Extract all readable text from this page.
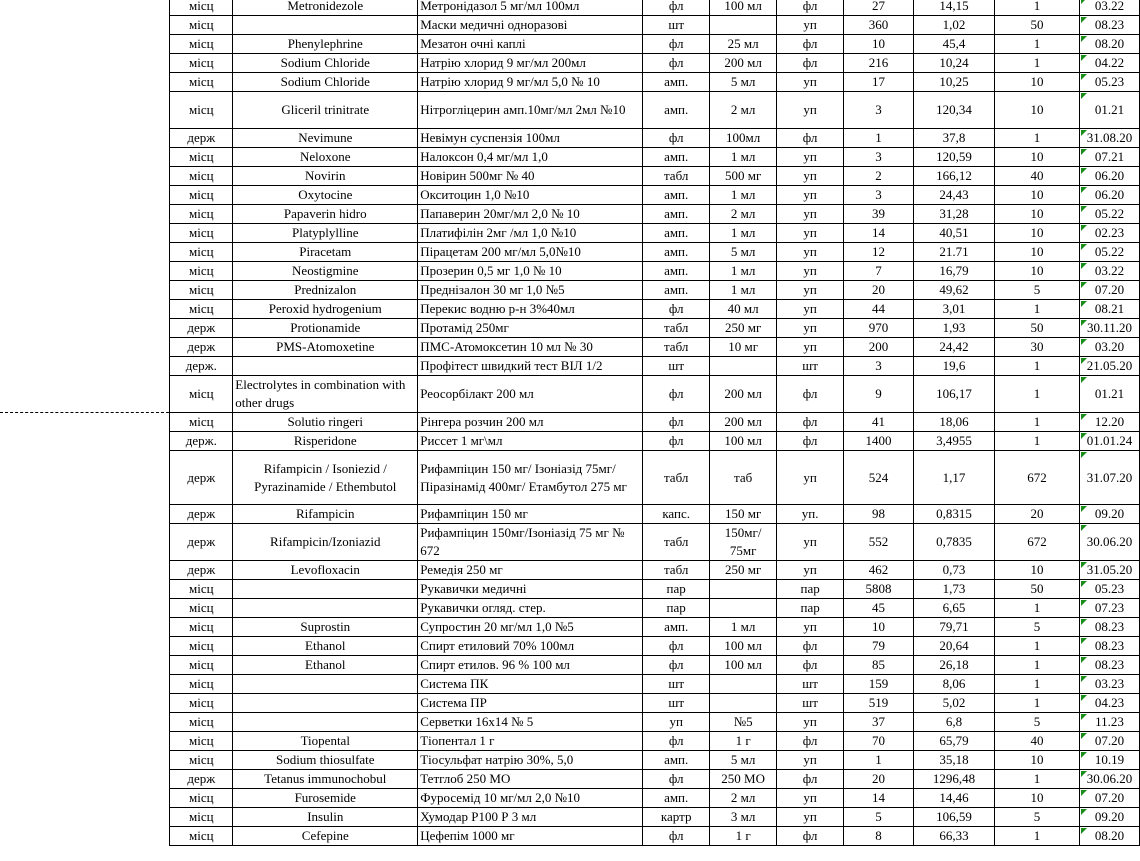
	місц	Metronidezole	Метронідазол 5 мг/мл 100мл	фл	100 мл	фл	27	14,15	1	03.22
	місц		Маски медичні одноразові	шт		уп	360	1,02	50	08.23
	місц	Phenylephrine	Мезатон очні каплі	фл	25 мл	фл	10	45,4	1	08.20
	місц	Sodium Chloride	Натрію хлорид 9 мг/мл 200мл	фл	200 мл	фл	216	10,24	1	04.22
	місц	Sodium Chloride	Натрію хлорид 9 мг/мл 5,0 № 10	амп.	5 мл	уп	17	10,25	10	05.23
	місц	Gliceril trinitrate	Нітрогліцерин амп.10мг/мл 2мл №10	амп.	2 мл	уп	3	120,34	10	01.21
	держ	Nevimune	Невімун суспензія 100мл	фл	100мл	фл	1	37,8	1	31.08.20
	місц	Neloxone	Налоксон 0,4 мг/мл 1,0	амп.	1 мл	уп	3	120,59	10	07.21
	місц	Novirin	Новірин 500мг № 40	табл	500 мг	уп	2	166,12	40	06.20
	місц	Oxytocine	Окситоцин 1,0 №10	амп.	1 мл	уп	3	24,43	10	06.20
	місц	Papaverin hidro	Папаверин 20мг/мл 2,0 № 10	амп.	2 мл	уп	39	31,28	10	05.22
	місц	Platyplylline	Платифілін 2мг /мл 1,0 №10	амп.	1 мл	уп	14	40,51	10	02.23
	місц	Piracetam	Пірацетам 200 мг/мл 5,0№10	амп.	5 мл	уп	12	21.71	10	05.22
	місц	Neostigmine	Прозерин 0,5 мг 1,0 № 10	амп.	1 мл	уп	7	16,79	10	03.22
	місц	Prednizalon	Преднізалон 30 мг 1,0 №5	амп.	1 мл	уп	20	49,62	5	07.20
	місц	Peroxid hydrogenium	Перекис водню р-н 3%40мл	фл	40 мл	уп	44	3,01	1	08.21
	держ	Protionamide	Протамід 250мг	табл	250 мг	уп	970	1,93	50	30.11.20
	держ	PMS-Atomoxetine	ПМС-Атомоксетин 10 мл № 30	табл	10 мг	уп	200	24,42	30	03.20
	держ.		Профітест швидкий тест ВІЛ 1/2	шт		шт	3	19,6	1	21.05.20
	місц	Electrolytes in combination with other drugs	Реосорбілакт 200 мл	фл	200 мл	фл	9	106,17	1	01.21
	місц	Solutio ringeri	Рінгера розчин 200 мл	фл	200 мл	фл	41	18,06	1	12.20
	держ.	Risperidone	Риссет 1 мг\мл	фл	100 мл	фл	1400	3,4955	1	01.01.24
	держ	Rifampicin / Isoniezid / Pyrazinamide / Ethembutol	Рифампіцин 150 мг/ Ізоніазід 75мг/ Піразінамід 400мг/ Етамбутол 275 мг	табл	таб	уп	524	1,17	672	31.07.20
	держ	Rifampicin	Рифампіцин 150 мг	капс.	150 мг	уп.	98	0,8315	20	09.20
	держ	Rifampicin/Izoniazid	Рифампіцин 150мг/Ізоніазід 75 мг № 672	табл	150мг/ 75мг	уп	552	0,7835	672	30.06.20
	держ	Levofloxacin	Ремедія 250 мг	табл	250 мг	уп	462	0,73	10	31.05.20
	місц		Рукавички медичні	пар		пар	5808	1,73	50	05.23
	місц		Рукавички огляд. стер.	пар		пар	45	6,65	1	07.23
	місц	Suprostin	Супростин 20 мг/мл 1,0 №5	амп.	1 мл	уп	10	79,71	5	08.23
	місц	Ethanol	Спирт етиловий 70% 100мл	фл	100 мл	фл	79	20,64	1	08.23
	місц	Ethanol	Спирт етилов. 96 % 100 мл	фл	100 мл	фл	85	26,18	1	08.23
	місц		Система ПК	шт		шт	159	8,06	1	03.23
	місц		Система ПР	шт		шт	519	5,02	1	04.23
	місц		Серветки 16х14 № 5	уп	№5	уп	37	6,8	5	11.23
	місц	Tiopental	Тіопентал 1 г	фл	1 г	фл	70	65,79	40	07.20
	місц	Sodium thiosulfate	Тіосульфат натрію 30%, 5,0	амп.	5 мл	уп	1	35,18	10	10.19
	держ	Tetanus immunochobul	Тетглоб 250 МО	фл	250 МО	фл	20	1296,48	1	30.06.20
	місц	Furosemide	Фуросемід 10 мг/мл 2,0 №10	амп.	2 мл	уп	14	14,46	10	07.20
	місц	Insulin	Хумодар Р100 Р 3 мл	картр	3 мл	уп	5	106,59	5	09.20
	місц	Cefepine	Цефепім 1000 мг	фл	1 г	фл	8	66,33	1	08.20
